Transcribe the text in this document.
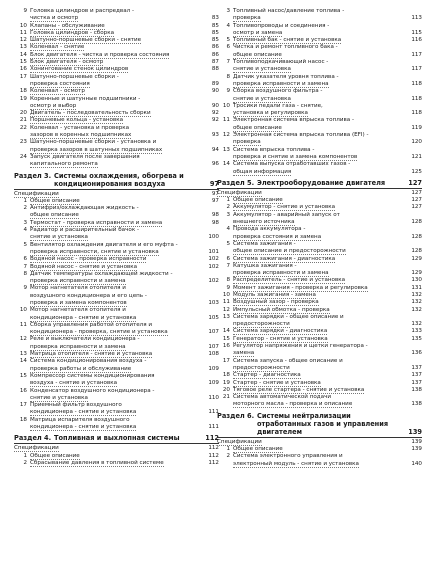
9 Головка цилиндров и распредвал -
чистка и осмотр	83
10 Клапаны - обслуживание	85
11 Головка цилиндров - сборка	85
12 Шатунно-поршневые сборки - снятие	85
13 Коленвал - снятие	86
14 Блок двигателя - чистка и проверка состояния	86
15 Блок двигателя - осмотр	87
16 Хонингование стенок цилиндров	88
17 Шатунно-поршневые сборки -
проверка состояния	89
18 Коленвал - осмотр	90
19 Коренные и шатунные подшипники -
осмотр и выбор	90
20 Двигатель - последовательность сборки	92
21 Поршневые кольца - установка	92
22 Коленвал - установка и проверка
зазоров в коренных подшипниках	93
23 Шатунно-поршневые сборки - установка и
проверка зазоров в шатунных подшипниках	94
24 Запуск двигателя после завершения
капитального ремонта	96
Раздел 3. Системы охлаждения, обогрева и кондиционирования воздуха	97
Спецификации	97
1 Общее описание	97
2 Антифриз/охлаждающая жидкость -
общее описание	98
3 Термостат - проверка исправности и замена	98
4 Радиатор и расширительный бачок -
снятие и установка	100
5 Вентилятор охлаждения двигателя и его муфта -
проверка исправности, снятие и установка	101
6 Водяной насос - проверка исправности	102
7 Водяной насос - снятие и установка	102
8 Датчик температуры охлаждающей жидкости -
проверка исправности и замена	102
9 Мотор нагнетателя отопителя и
воздушного кондиционера и его цепь -
проверка и замена компонентов	103
10 Мотор нагнетателя отопителя и
кондиционера - снятие и установка	105
11 Сборка управления работой отопителя и
кондиционера - проверка, снятие и установка	107
12 Реле и выключатели кондиционера -
проверка исправности и замена	107
13 Матрица отопителя - снятие и установка	108
14 Система кондиционирования воздуха -
проверка работы и обслуживание	109
15 Компрессор системы кондиционирования
воздуха - снятие и установка	109
16 Конденсатор воздушного кондиционера -
снятие и установка	110
17 Приемный фильтр воздушного
кондиционера - снятие и установка	111
18 Матрица испарителя воздушного
кондиционера - снятие и установка	111
Раздел 4. Топливная и выхлопная системы	112
Спецификации	112
1 Общее описание	112
2 Сбрасывание давления в топливной системе	112
3 Топливный насос/давление топлива -
проверка	113
4 Топливопроводы и соединения -
осмотр и замена	115
5 Топливный бак - снятие и установка	116
6 Чистка и ремонт топливного бака -
общее описание	117
7 Топливоподкачивающий насос -
снятие и установка	117
8 Датчик указателя уровня топлива -
проверка исправности и замена	118
9 Сборка воздушного фильтра -
снятие и установка	118
10 Тросики педали газа - снятие,
установка и регулировка	118
11 Электронная система впрыска топлива -
общее описание	119
12 Электронная система впрыска топлива (EFI) -
проверка	120
13 Система впрыска топлива -
проверка и снятие и замена компонентов	121
14 Система выпуска отработавших газов -
общая информация	125
Раздел 5. Электрооборудование двигателя	127
Спецификации	127
1 Общее описание	127
2 Аккумулятор - снятие и установка	127
3 Аккумулятор - аварийный запуск от
внешнего источника	128
4 Провода аккумулятора -
проверка состояния и замена	128
5 Система зажигания -
общее описание и предосторожности	128
6 Система зажигания - диагностика	129
7 Катушка зажигания -
проверка исправности и замена	129
8 Распределитель - снятие и установка	130
9 Момент зажигания - проверка и регулировка	131
10 Модуль зажигания - замена	132
11 Воздушный зазор - проверка	132
12 Импульсный обмотка - проверка	132
13 Система зарядки - общее описание и
предосторожности	132
14 Система зарядки - диагностика	133
15 Генератор - снятие и установка	135
16 Регулятор напряжения и щетки генератора -
замена	136
17 Система запуска - общее описание и
предосторожности	137
18 Стартер - диагностика	137
19 Стартер - снятие и установка	137
20 Тяговое реле стартера - снятие и установка	138
21 Система автоматической подачи
моторного масла - проверка и описание	138
Раздел 6. Системы нейтрализации отработанных газов и управления двигателем	139
Спецификации	139
1 Общее описание	139
2 Система электронного управления и
электронный модуль - снятие и установка	140
